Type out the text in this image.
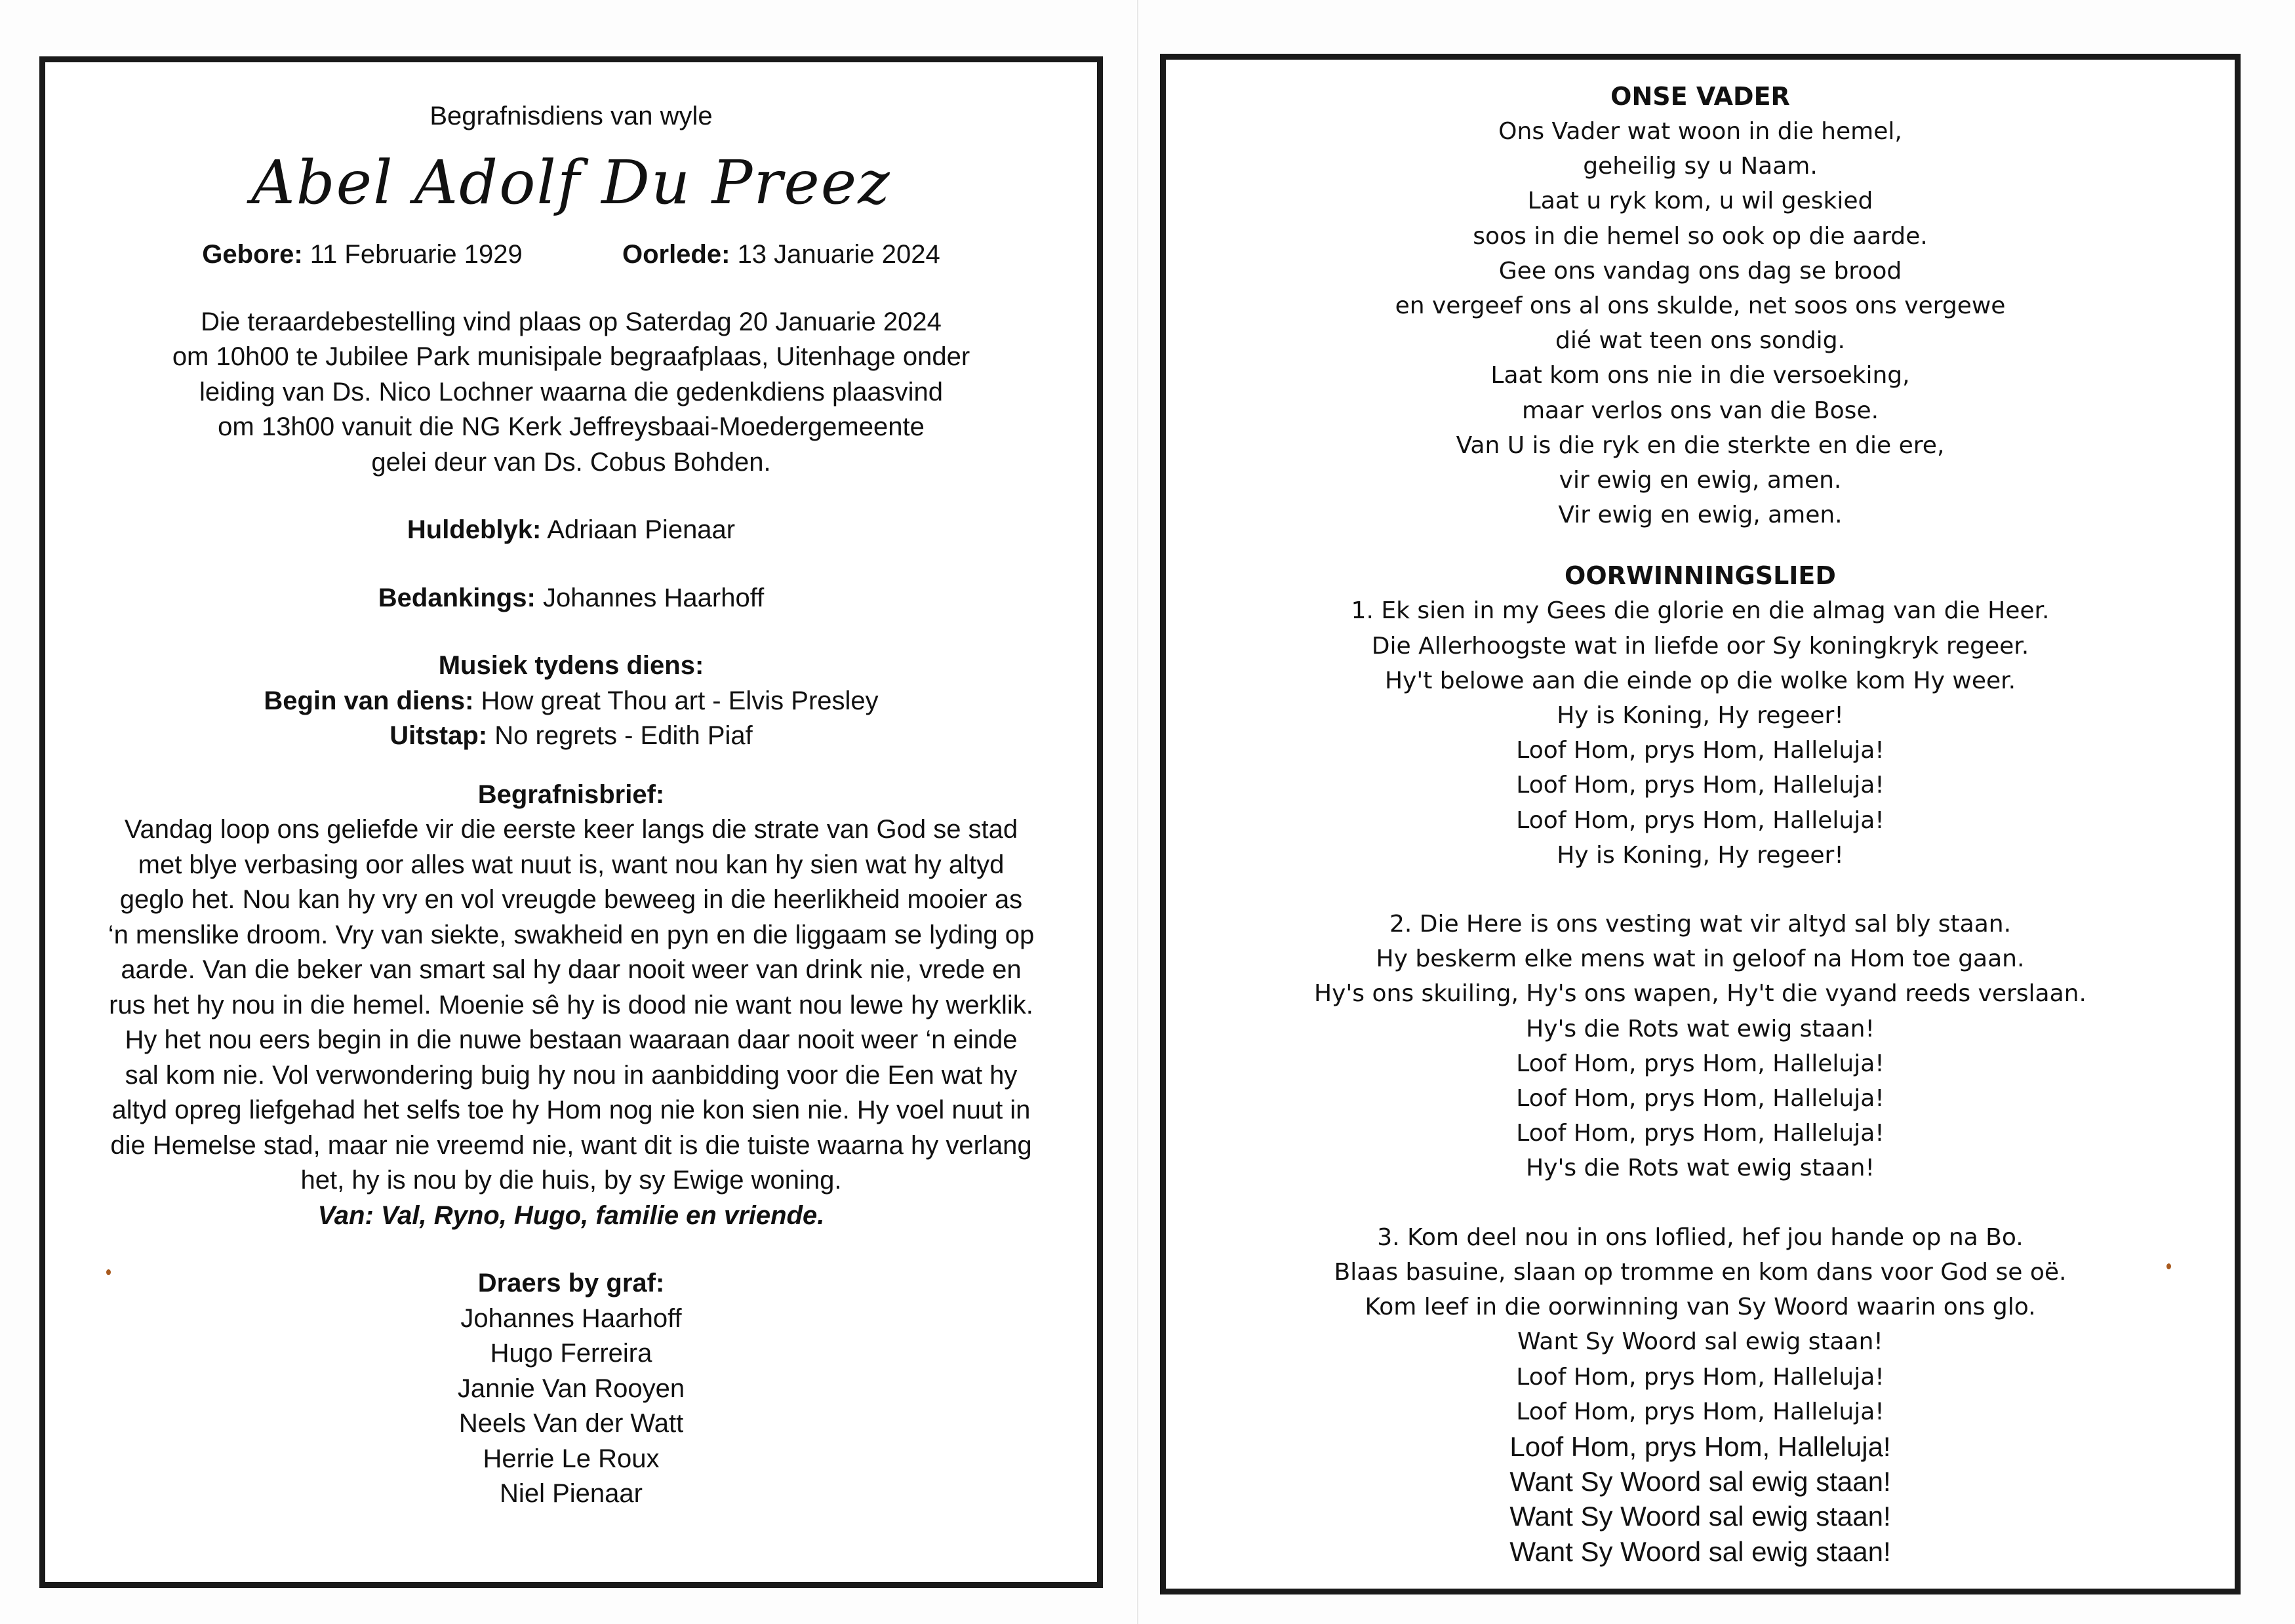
Begrafnisdiens van wyle

Abel Adolf Du Preez
Gebore: 11 Februarie 1929	Oorlede: 13 Januarie 2024

Die teraardebestelling vind plaas op Saterdag 20 Januarie 2024

om 10h00 te Jubilee Park munisipale begraafplaas, Uitenhage onder

leiding van Ds. Nico Lochner waarna die gedenkdiens plaasvind

om 13h00 vanuit die NG Kerk Jeffreysbaai-Moedergemeente

gelei deur van Ds. Cobus Bohden.

Huldeblyk: Adriaan Pienaar

Bedankings: Johannes Haarhoff

Musiek tydens diens:

Begin van diens: How great Thou art - Elvis Presley

Uitstap: No regrets - Edith Piaf

Begrafnisbrief:

Vandag loop ons geliefde vir die eerste keer langs die strate van God se stad

met blye verbasing oor alles wat nuut is, want nou kan hy sien wat hy altyd

geglo het. Nou kan hy vry en vol vreugde beweeg in die heerlikheid mooier as

‘n menslike droom. Vry van siekte, swakheid en pyn en die liggaam se lyding op

aarde. Van die beker van smart sal hy daar nooit weer van drink nie, vrede en

rus het hy nou in die hemel. Moenie sê hy is dood nie want nou lewe hy werklik.

Hy het nou eers begin in die nuwe bestaan waaraan daar nooit weer ‘n einde

sal kom nie. Vol verwondering buig hy nou in aanbidding voor die Een wat hy

altyd opreg liefgehad het selfs toe hy Hom nog nie kon sien nie. Hy voel nuut in

die Hemelse stad, maar nie vreemd nie, want dit is die tuiste waarna hy verlang

het, hy is nou by die huis, by sy Ewige woning.

Van: Val, Ryno, Hugo, familie en vriende.

Draers by graf:

Johannes Haarhoff

Hugo Ferreira

Jannie Van Rooyen

Neels Van der Watt

Herrie Le Roux

Niel Pienaar

ONSE VADER

Ons Vader wat woon in die hemel,

geheilig sy u Naam.

Laat u ryk kom, u wil geskied

soos in die hemel so ook op die aarde.

Gee ons vandag ons dag se brood

en vergeef ons al ons skulde, net soos ons vergewe

dié wat teen ons sondig.

Laat kom ons nie in die versoeking,

maar verlos ons van die Bose.

Van U is die ryk en die sterkte en die ere,

vir ewig en ewig, amen.

Vir ewig en ewig, amen.

OORWINNINGSLIED

1. Ek sien in my Gees die glorie en die almag van die Heer.

Die Allerhoogste wat in liefde oor Sy koningkryk regeer.

Hy't belowe aan die einde op die wolke kom Hy weer.

Hy is Koning, Hy regeer!

Loof Hom, prys Hom, Halleluja!

Loof Hom, prys Hom, Halleluja!

Loof Hom, prys Hom, Halleluja!

Hy is Koning, Hy regeer!

2. Die Here is ons vesting wat vir altyd sal bly staan.

Hy beskerm elke mens wat in geloof na Hom toe gaan.

Hy's ons skuiling, Hy's ons wapen, Hy't die vyand reeds verslaan.

Hy's die Rots wat ewig staan!

Loof Hom, prys Hom, Halleluja!

Loof Hom, prys Hom, Halleluja!

Loof Hom, prys Hom, Halleluja!

Hy's die Rots wat ewig staan!

3. Kom deel nou in ons loflied, hef jou hande op na Bo.

Blaas basuine, slaan op tromme en kom dans voor God se oë.

Kom leef in die oorwinning van Sy Woord waarin ons glo.

Want Sy Woord sal ewig staan!

Loof Hom, prys Hom, Halleluja!

Loof Hom, prys Hom, Halleluja!

Loof Hom, prys Hom, Halleluja!

Want Sy Woord sal ewig staan!

Want Sy Woord sal ewig staan!

Want Sy Woord sal ewig staan!
